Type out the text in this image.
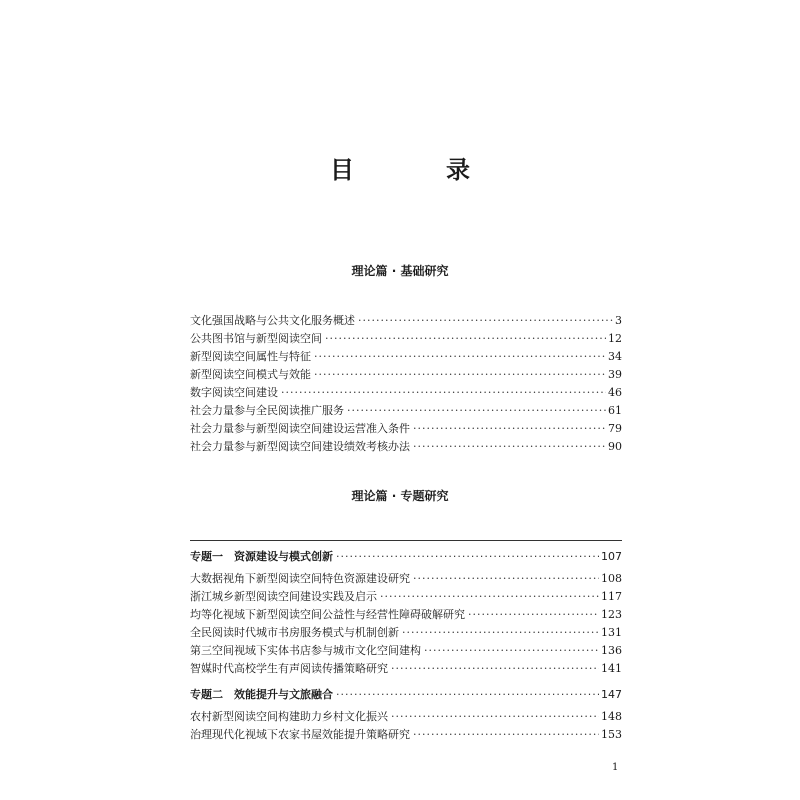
目　录
理论篇 · 基础研究
文化强国战略与公共文化服务概述 ·····	3
公共图书馆与新型阅读空间 ·····	12
新型阅读空间属性与特征 ·····	34
新型阅读空间模式与效能 ·····	39
数字阅读空间建设 ·····	46
社会力量参与全民阅读推广服务 ·····	61
社会力量参与新型阅读空间建设运营准入条件 ·····	79
社会力量参与新型阅读空间建设绩效考核办法 ·····	90
理论篇 · 专题研究
专题一　资源建设与模式创新 ·····	107
大数据视角下新型阅读空间特色资源建设研究 ·····	108
浙江城乡新型阅读空间建设实践及启示 ·····	117
均等化视域下新型阅读空间公益性与经营性障碍破解研究 ·····	123
全民阅读时代城市书房服务模式与机制创新 ·····	131
第三空间视域下实体书店参与城市文化空间建构 ·····	136
智媒时代高校学生有声阅读传播策略研究 ·····	141
专题二　效能提升与文旅融合 ·····	147
农村新型阅读空间构建助力乡村文化振兴 ·····	148
治理现代化视域下农家书屋效能提升策略研究 ·····	153
1
